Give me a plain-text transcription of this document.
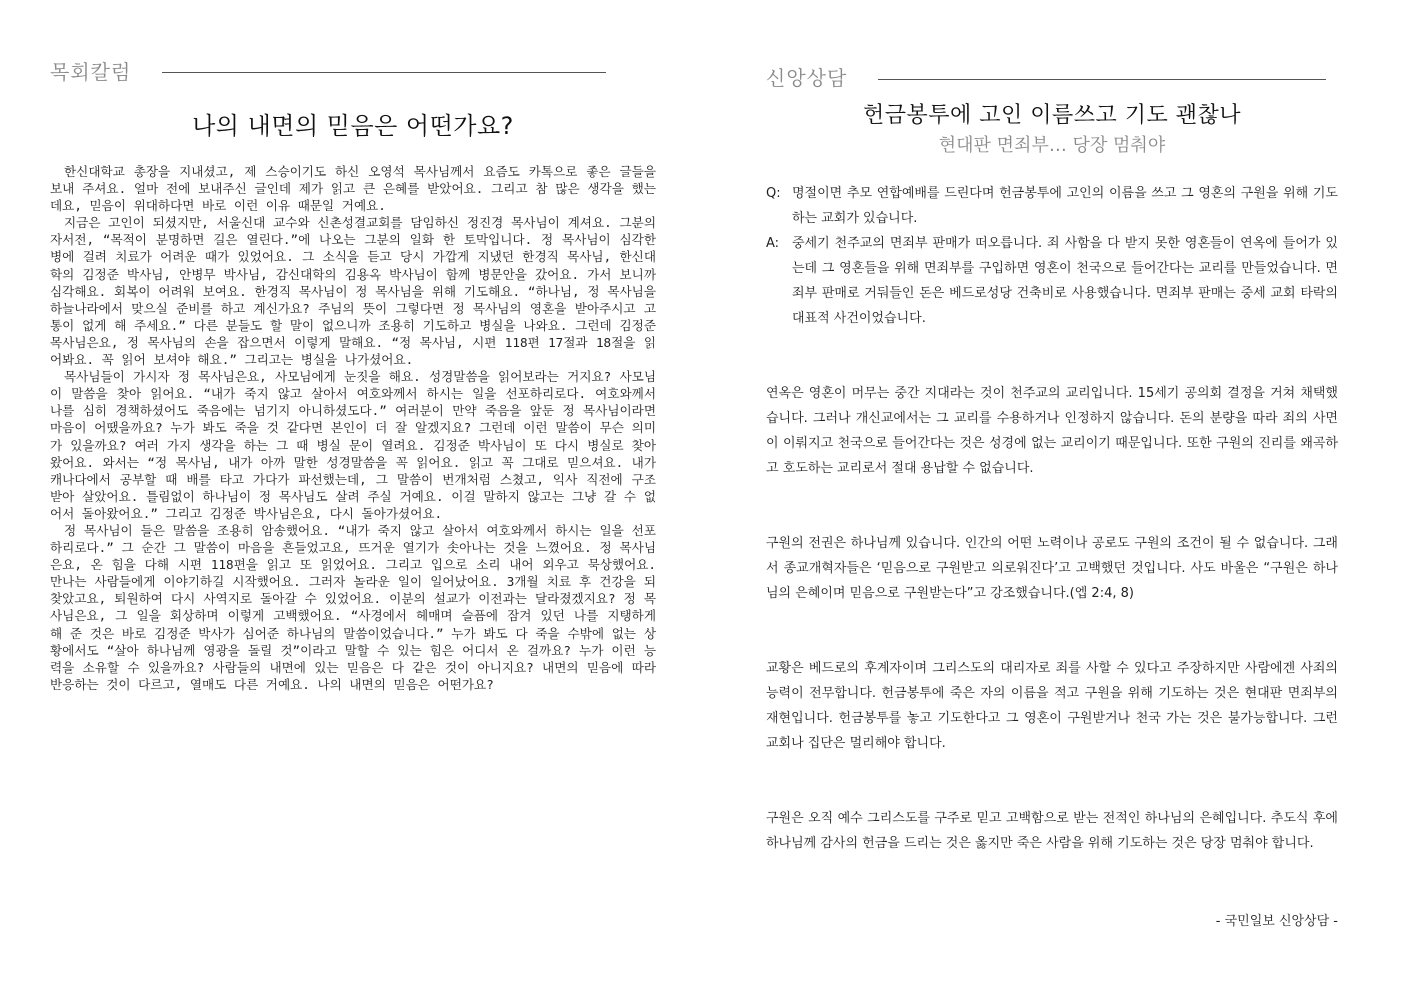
목회칼럼
나의 내면의 믿음은 어떤가요?

한신대학교 총장을 지내셨고, 제 스승이기도 하신 오영석 목사님께서 요즘도 카톡으로 좋은 글들을 보내 주셔요. 얼마 전에 보내주신 글인데 제가 읽고 큰 은혜를 받았어요. 그리고 참 많은 생각을 했는데요, 믿음이 위대하다면 바로 이런 이유 때문일 거예요.

지금은 고인이 되셨지만, 서울신대 교수와 신촌성결교회를 담임하신 정진경 목사님이 계셔요. 그분의 자서전, “목적이 분명하면 길은 열린다.”에 나오는 그분의 일화 한 토막입니다. 정 목사님이 심각한 병에 걸려 치료가 어려운 때가 있었어요. 그 소식을 듣고 당시 가깝게 지냈던 한경직 목사님, 한신대학의 김정준 박사님, 안병무 박사님, 감신대학의 김용옥 박사님이 함께 병문안을 갔어요. 가서 보니까 심각해요. 회복이 어려워 보여요. 한경직 목사님이 정 목사님을 위해 기도해요. “하나님, 정 목사님을 하늘나라에서 맞으실 준비를 하고 계신가요? 주님의 뜻이 그렇다면 정 목사님의 영혼을 받아주시고 고통이 없게 해 주세요.” 다른 분들도 할 말이 없으니까 조용히 기도하고 병실을 나와요. 그런데 김정준 목사님은요, 정 목사님의 손을 잡으면서 이렇게 말해요. “정 목사님, 시편 118편 17절과 18절을 읽어봐요. 꼭 읽어 보셔야 해요.” 그리고는 병실을 나가셨어요.

목사님들이 가시자 정 목사님은요, 사모님에게 눈짓을 해요. 성경말씀을 읽어보라는 거지요? 사모님이 말씀을 찾아 읽어요. “내가 죽지 않고 살아서 여호와께서 하시는 일을 선포하리로다. 여호와께서 나를 심히 경책하셨어도 죽음에는 넘기지 아니하셨도다.” 여러분이 만약 죽음을 앞둔 정 목사님이라면 마음이 어땠을까요? 누가 봐도 죽을 것 같다면 본인이 더 잘 알겠지요? 그런데 이런 말씀이 무슨 의미가 있을까요? 여러 가지 생각을 하는 그 때 병실 문이 열려요. 김정준 박사님이 또 다시 병실로 찾아 왔어요. 와서는 “정 목사님, 내가 아까 말한 성경말씀을 꼭 읽어요. 읽고 꼭 그대로 믿으셔요. 내가 캐나다에서 공부할 때 배를 타고 가다가 파선했는데, 그 말씀이 번개처럼 스쳤고, 익사 직전에 구조 받아 살았어요. 틀림없이 하나님이 정 목사님도 살려 주실 거예요. 이걸 말하지 않고는 그냥 갈 수 없어서 돌아왔어요.” 그리고 김정준 박사님은요, 다시 돌아가셨어요.

정 목사님이 들은 말씀을 조용히 암송했어요. “내가 죽지 않고 살아서 여호와께서 하시는 일을 선포하리로다.” 그 순간 그 말씀이 마음을 흔들었고요, 뜨거운 열기가 솟아나는 것을 느꼈어요. 정 목사님은요, 온 힘을 다해 시편 118편을 읽고 또 읽었어요. 그리고 입으로 소리 내어 외우고 묵상했어요. 만나는 사람들에게 이야기하길 시작했어요. 그러자 놀라운 일이 일어났어요. 3개월 치료 후 건강을 되찾았고요, 퇴원하여 다시 사역지로 돌아갈 수 있었어요. 이분의 설교가 이전과는 달라졌겠지요? 정 목사님은요, 그 일을 회상하며 이렇게 고백했어요. “사경에서 헤매며 슬픔에 잠겨 있던 나를 지탱하게 해 준 것은 바로 김정준 박사가 심어준 하나님의 말씀이었습니다.” 누가 봐도 다 죽을 수밖에 없는 상황에서도 “살아 하나님께 영광을 돌릴 것”이라고 말할 수 있는 힘은 어디서 온 걸까요? 누가 이런 능력을 소유할 수 있을까요? 사람들의 내면에 있는 믿음은 다 같은 것이 아니지요? 내면의 믿음에 따라 반응하는 것이 다르고, 열매도 다른 거예요. 나의 내면의 믿음은 어떤가요?

신앙상담
헌금봉투에 고인 이름쓰고 기도 괜찮나
현대판 면죄부… 당장 멈춰야
Q: 명절이면 추모 연합예배를 드린다며 헌금봉투에 고인의 이름을 쓰고 그 영혼의 구원을 위해 기도하는 교회가 있습니다.
A: 중세기 천주교의 면죄부 판매가 떠오릅니다. 죄 사함을 다 받지 못한 영혼들이 연옥에 들어가 있는데 그 영혼들을 위해 면죄부를 구입하면 영혼이 천국으로 들어간다는 교리를 만들었습니다. 면죄부 판매로 거둬들인 돈은 베드로성당 건축비로 사용했습니다. 면죄부 판매는 중세 교회 타락의 대표적 사건이었습니다.

연옥은 영혼이 머무는 중간 지대라는 것이 천주교의 교리입니다. 15세기 공의회 결정을 거쳐 채택했습니다. 그러나 개신교에서는 그 교리를 수용하거나 인정하지 않습니다. 돈의 분량을 따라 죄의 사면이 이뤄지고 천국으로 들어간다는 것은 성경에 없는 교리이기 때문입니다. 또한 구원의 진리를 왜곡하고 호도하는 교리로서 절대 용납할 수 없습니다.

구원의 전권은 하나님께 있습니다. 인간의 어떤 노력이나 공로도 구원의 조건이 될 수 없습니다. 그래서 종교개혁자들은 ‘믿음으로 구원받고 의로워진다’고 고백했던 것입니다. 사도 바울은 “구원은 하나님의 은혜이며 믿음으로 구원받는다”고 강조했습니다.(엡 2:4, 8)

교황은 베드로의 후계자이며 그리스도의 대리자로 죄를 사할 수 있다고 주장하지만 사람에겐 사죄의 능력이 전무합니다. 헌금봉투에 죽은 자의 이름을 적고 구원을 위해 기도하는 것은 현대판 면죄부의 재현입니다. 헌금봉투를 놓고 기도한다고 그 영혼이 구원받거나 천국 가는 것은 불가능합니다. 그런 교회나 집단은 멀리해야 합니다.

구원은 오직 예수 그리스도를 구주로 믿고 고백함으로 받는 전적인 하나님의 은혜입니다. 추도식 후에 하나님께 감사의 헌금을 드리는 것은 옳지만 죽은 사람을 위해 기도하는 것은 당장 멈춰야 합니다.

- 국민일보 신앙상담 -
